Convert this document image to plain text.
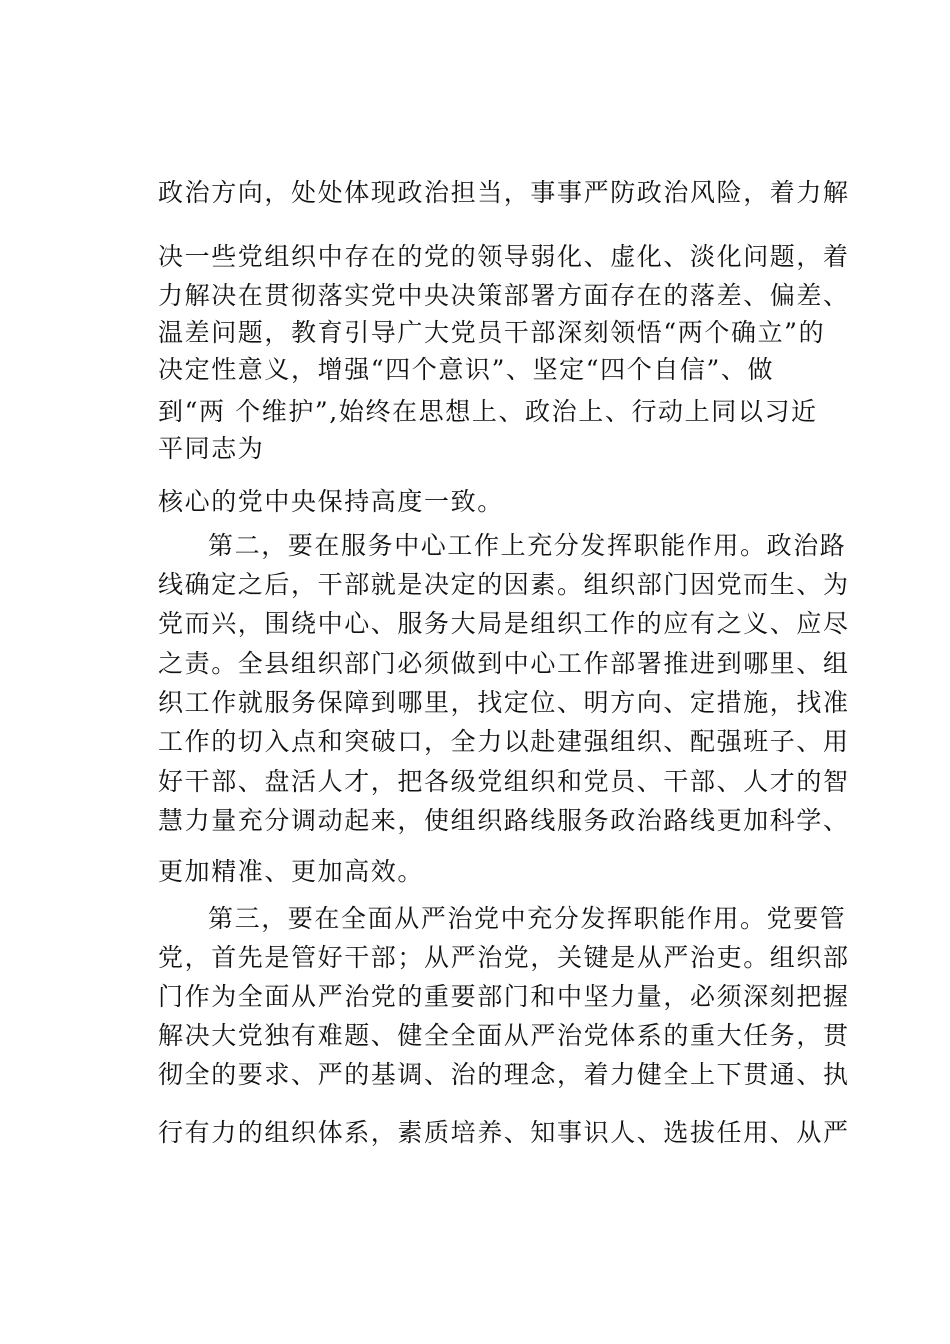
政治方向，处处体现政治担当，事事严防政治风险，着力解
决一些党组织中存在的党的领导弱化、虚化、淡化问题，着
力解决在贯彻落实党中央决策部署方面存在的落差、偏差、
温差问题，教育引导广大党员干部深刻领悟“两个确立”的
决定性意义，增强“四个意识”、坚定“四个自信”、做
到“两 个维护”,始终在思想上、政治上、行动上同以习近
平同志为
核心的党中央保持高度一致。
第二，要在服务中心工作上充分发挥职能作用。政治路
线确定之后，干部就是决定的因素。组织部门因党而生、为
党而兴，围绕中心、服务大局是组织工作的应有之义、应尽
之责。全县组织部门必须做到中心工作部署推进到哪里、组
织工作就服务保障到哪里，找定位、明方向、定措施，找准
工作的切入点和突破口，全力以赴建强组织、配强班子、用
好干部、盘活人才，把各级党组织和党员、干部、人才的智
慧力量充分调动起来，使组织路线服务政治路线更加科学、
更加精准、更加高效。
第三，要在全面从严治党中充分发挥职能作用。党要管
党，首先是管好干部；从严治党，关键是从严治吏。组织部
门作为全面从严治党的重要部门和中坚力量，必须深刻把握
解决大党独有难题、健全全面从严治党体系的重大任务，贯
彻全的要求、严的基调、治的理念，着力健全上下贯通、执
行有力的组织体系，素质培养、知事识人、选拔任用、从严
